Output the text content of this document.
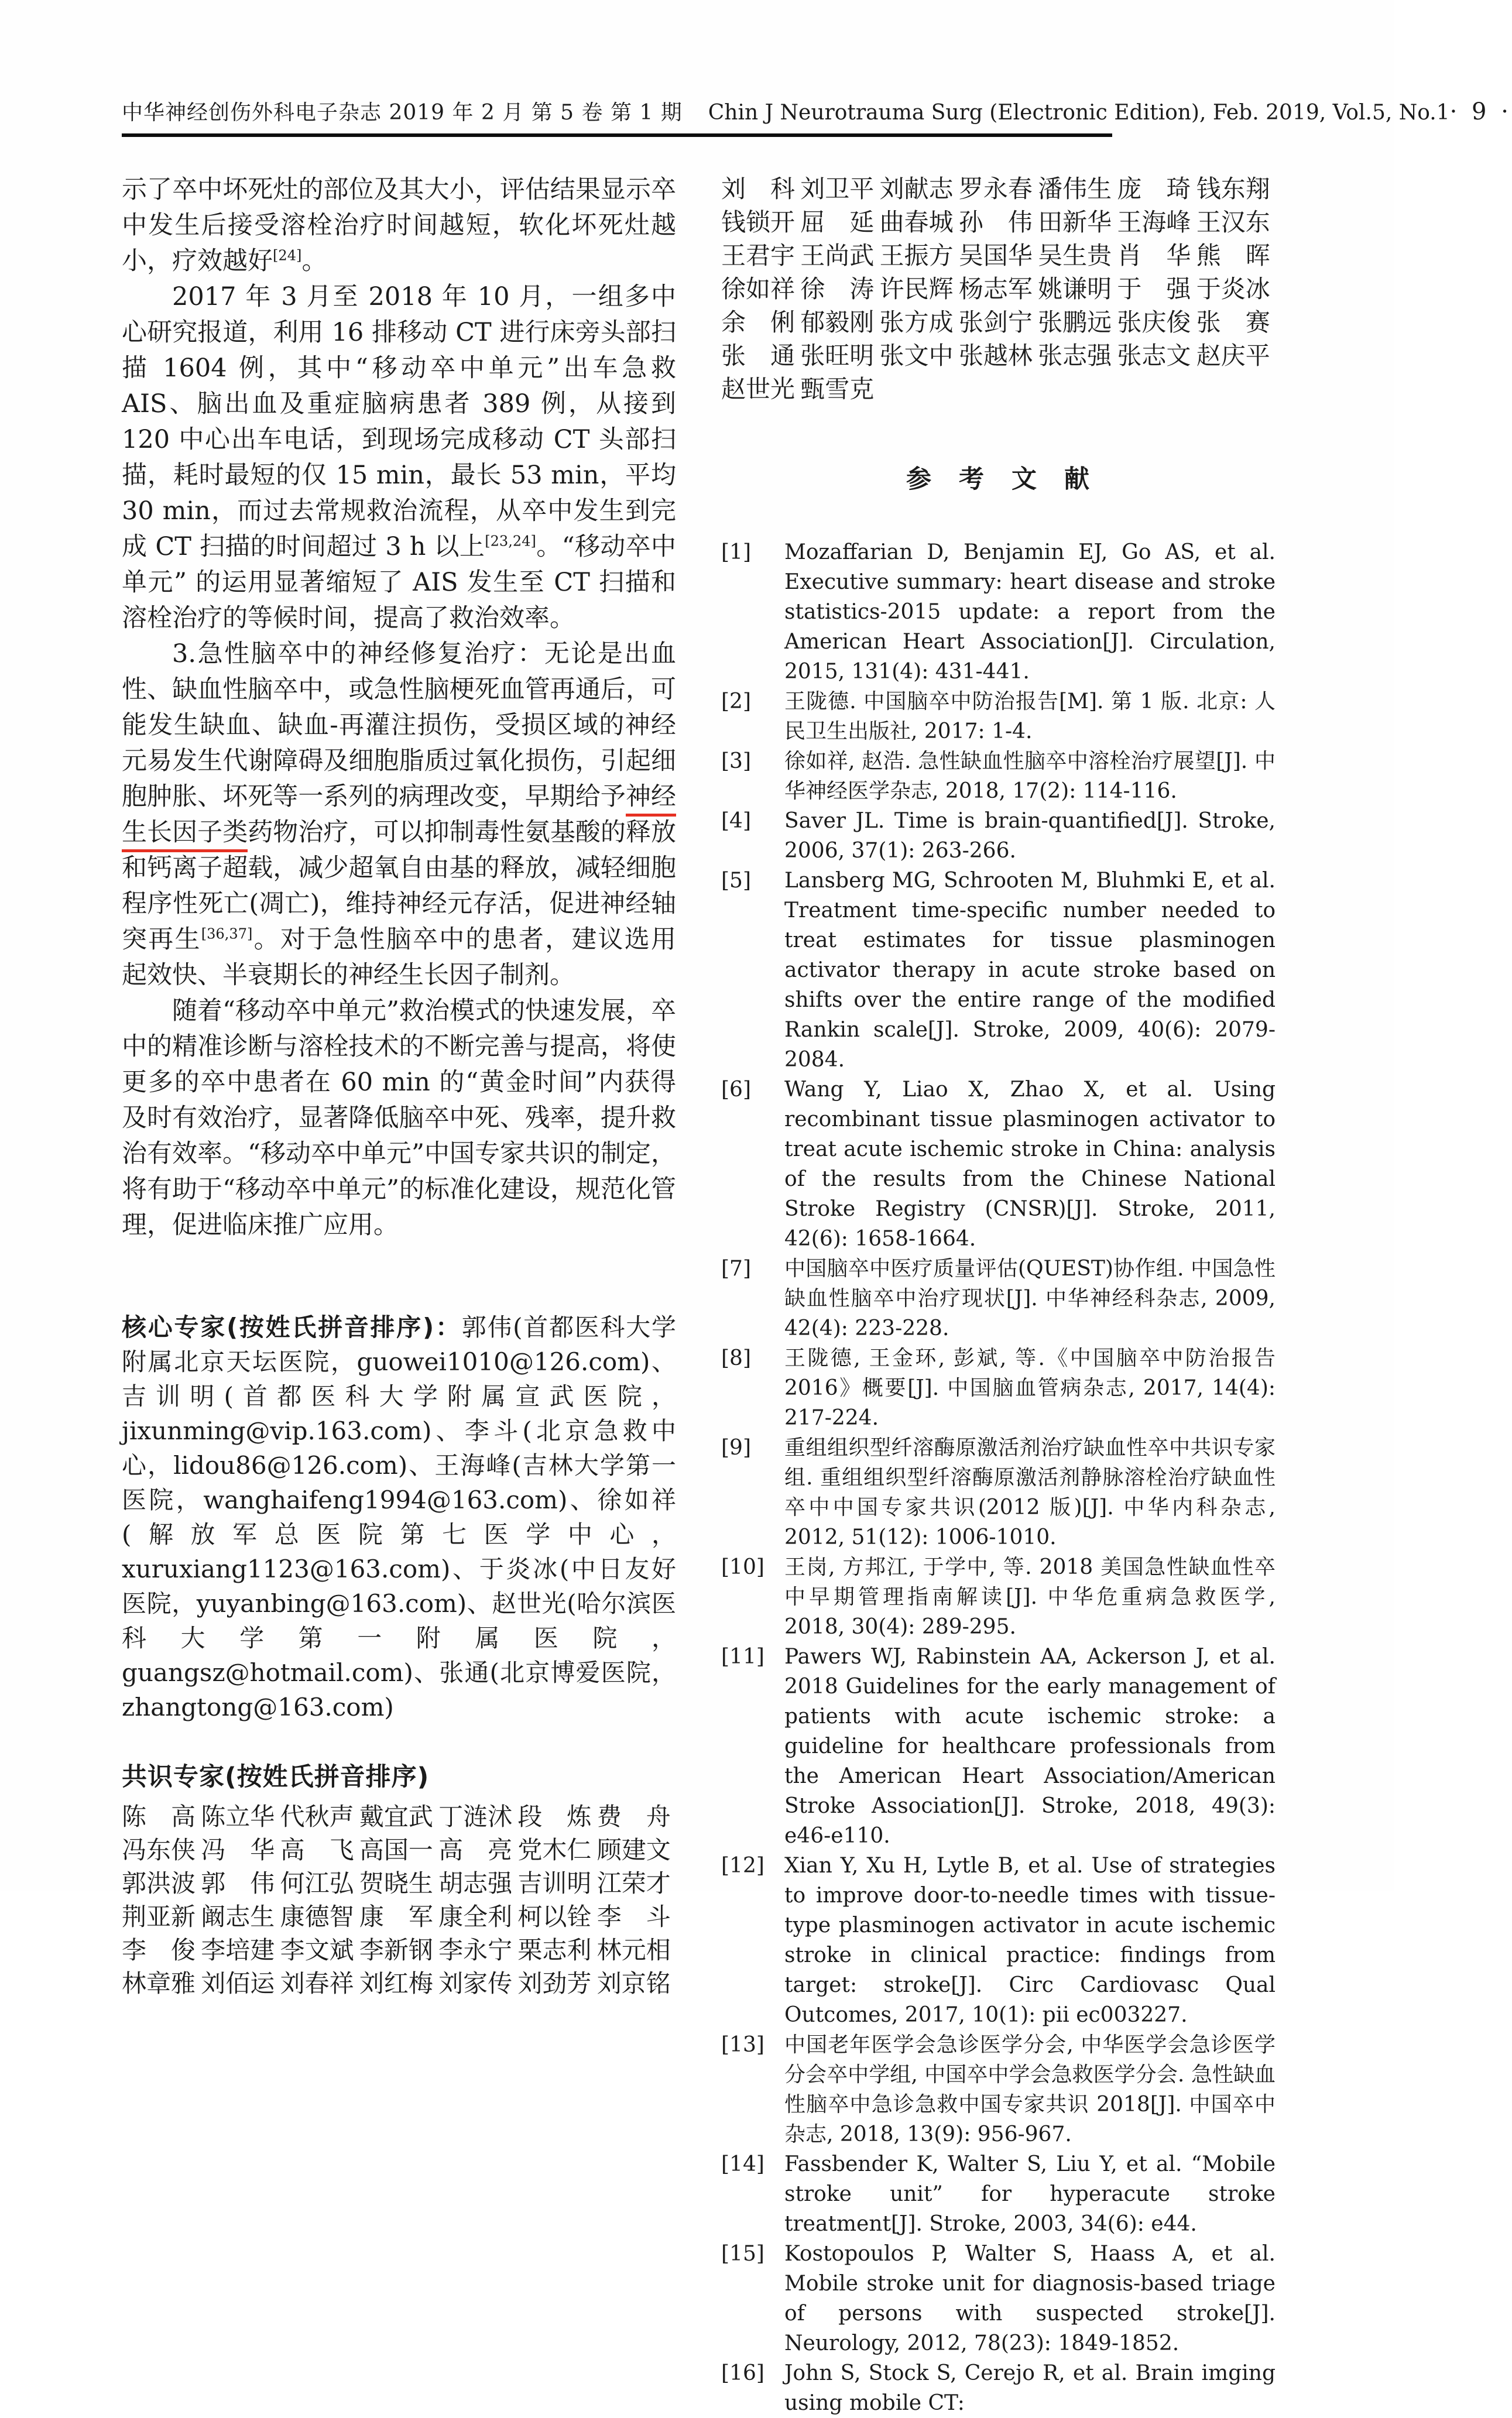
中华神经创伤外科电子杂志 2019 年 2 月 第 5 卷 第 1 期 Chin J Neurotrauma Surg (Electronic Edition), Feb. 2019, Vol.5, No.1 · 9 ·

示了卒中坏死灶的部位及其大小，评估结果显示卒中发生后接受溶栓治疗时间越短，软化坏死灶越小，疗效越好[24]。

2017 年 3 月至 2018 年 10 月，一组多中心研究报道，利用 16 排移动 CT 进行床旁头部扫描 1604 例，其中“移动卒中单元”出车急救 AIS、脑出血及重症脑病患者 389 例，从接到 120 中心出车电话，到现场完成移动 CT 头部扫描，耗时最短的仅 15 min，最长 53 min，平均 30 min，而过去常规救治流程，从卒中发生到完成 CT 扫描的时间超过 3 h 以上[23,24]。“移动卒中单元” 的运用显著缩短了 AIS 发生至 CT 扫描和溶栓治疗的等候时间，提高了救治效率。

3.急性脑卒中的神经修复治疗：无论是出血性、缺血性脑卒中，或急性脑梗死血管再通后，可能发生缺血、缺血-再灌注损伤，受损区域的神经元易发生代谢障碍及细胞脂质过氧化损伤，引起细胞肿胀、坏死等一系列的病理改变，早期给予神经生长因子类药物治疗，可以抑制毒性氨基酸的释放和钙离子超载，减少超氧自由基的释放，减轻细胞程序性死亡(凋亡)，维持神经元存活，促进神经轴突再生[36,37]。对于急性脑卒中的患者，建议选用起效快、半衰期长的神经生长因子制剂。

随着“移动卒中单元”救治模式的快速发展，卒中的精准诊断与溶栓技术的不断完善与提高，将使更多的卒中患者在 60 min 的“黄金时间”内获得及时有效治疗，显著降低脑卒中死、残率，提升救治有效率。“移动卒中单元”中国专家共识的制定，将有助于“移动卒中单元”的标准化建设，规范化管理，促进临床推广应用。

核心专家(按姓氏拼音排序)：郭伟(首都医科大学附属北京天坛医院，guowei1010@126.com)、吉训明(首都医科大学附属宣武医院，jixunming@vip.163.com)、李斗(北京急救中心，lidou86@126.com)、王海峰(吉林大学第一医院，wanghaifeng1994@163.com)、徐如祥(解放军总医院第七医学中心，xuruxiang1123@163.com)、于炎冰(中日友好医院，yuyanbing@163.com)、赵世光(哈尔滨医科大学第一附属医院，guangsz@hotmail.com)、张通(北京博爱医院，zhangtong@163.com)

共识专家(按姓氏拼音排序)

陈　高 陈立华 代秋声 戴宜武 丁涟沭 段　炼 费　舟
冯东侠 冯　华 高　飞 高国一 高　亮 党木仁 顾建文
郭洪波 郭　伟 何江弘 贺晓生 胡志强 吉训明 江荣才
荆亚新 阚志生 康德智 康　军 康全利 柯以铨 李　斗
李　俊 李培建 李文斌 李新钢 李永宁 栗志利 林元相
林章雅 刘佰运 刘春祥 刘红梅 刘家传 刘劲芳 刘京铭
刘　科 刘卫平 刘献志 罗永春 潘伟生 庞　琦 钱东翔
钱锁开 屈　延 曲春城 孙　伟 田新华 王海峰 王汉东
王君宇 王尚武 王振方 吴国华 吴生贵 肖　华 熊　晖
徐如祥 徐　涛 许民辉 杨志军 姚谦明 于　强 于炎冰
余　俐 郁毅刚 张方成 张剑宁 张鹏远 张庆俊 张　赛
张　通 张旺明 张文中 张越林 张志强 张志文 赵庆平
赵世光 甄雪克
参　考　文　献
[1]	Mozaffarian D, Benjamin EJ, Go AS, et al. Executive summary: heart disease and stroke statistics-2015 update: a report from the American Heart Association[J]. Circulation, 2015, 131(4): 431-441.
[2]	王陇德. 中国脑卒中防治报告[M]. 第 1 版. 北京: 人民卫生出版社, 2017: 1-4.
[3]	徐如祥, 赵浩. 急性缺血性脑卒中溶栓治疗展望[J]. 中华神经医学杂志, 2018, 17(2): 114-116.
[4]	Saver JL. Time is brain-quantified[J]. Stroke, 2006, 37(1): 263-266.
[5]	Lansberg MG, Schrooten M, Bluhmki E, et al. Treatment time-specific number needed to treat estimates for tissue plasminogen activator therapy in acute stroke based on shifts over the entire range of the modified Rankin scale[J]. Stroke, 2009, 40(6): 2079-2084.
[6]	Wang Y, Liao X, Zhao X, et al. Using recombinant tissue plasminogen activator to treat acute ischemic stroke in China: analysis of the results from the Chinese National Stroke Registry (CNSR)[J]. Stroke, 2011, 42(6): 1658-1664.
[7]	中国脑卒中医疗质量评估(QUEST)协作组. 中国急性缺血性脑卒中治疗现状[J]. 中华神经科杂志, 2009, 42(4): 223-228.
[8]	王陇德, 王金环, 彭斌, 等.《中国脑卒中防治报告 2016》概要[J]. 中国脑血管病杂志, 2017, 14(4): 217-224.
[9]	重组组织型纤溶酶原激活剂治疗缺血性卒中共识专家组. 重组组织型纤溶酶原激活剂静脉溶栓治疗缺血性卒中中国专家共识(2012 版)[J]. 中华内科杂志, 2012, 51(12): 1006-1010.
[10] 王岗, 方邦江, 于学中, 等. 2018 美国急性缺血性卒中早期管理指南解读[J]. 中华危重病急救医学, 2018, 30(4): 289-295.
[11] Pawers WJ, Rabinstein AA, Ackerson J, et al. 2018 Guidelines for the early management of patients with acute ischemic stroke: a guideline for healthcare professionals from the American Heart Association/American Stroke Association[J]. Stroke, 2018, 49(3): e46-e110.
[12] Xian Y, Xu H, Lytle B, et al. Use of strategies to improve door-to-needle times with tissue-type plasminogen activator in acute ischemic stroke in clinical practice: findings from target: stroke[J]. Circ Cardiovasc Qual Outcomes, 2017, 10(1): pii ec003227.
[13] 中国老年医学会急诊医学分会, 中华医学会急诊医学分会卒中学组, 中国卒中学会急救医学分会. 急性缺血性脑卒中急诊急救中国专家共识 2018[J]. 中国卒中杂志, 2018, 13(9): 956-967.
[14] Fassbender K, Walter S, Liu Y, et al. “Mobile stroke unit” for hyperacute stroke treatment[J]. Stroke, 2003, 34(6): e44.
[15] Kostopoulos P, Walter S, Haass A, et al. Mobile stroke unit for diagnosis-based triage of persons with suspected stroke[J]. Neurology, 2012, 78(23): 1849-1852.
[16] John S, Stock S, Cerejo R, et al. Brain imging using mobile CT:
